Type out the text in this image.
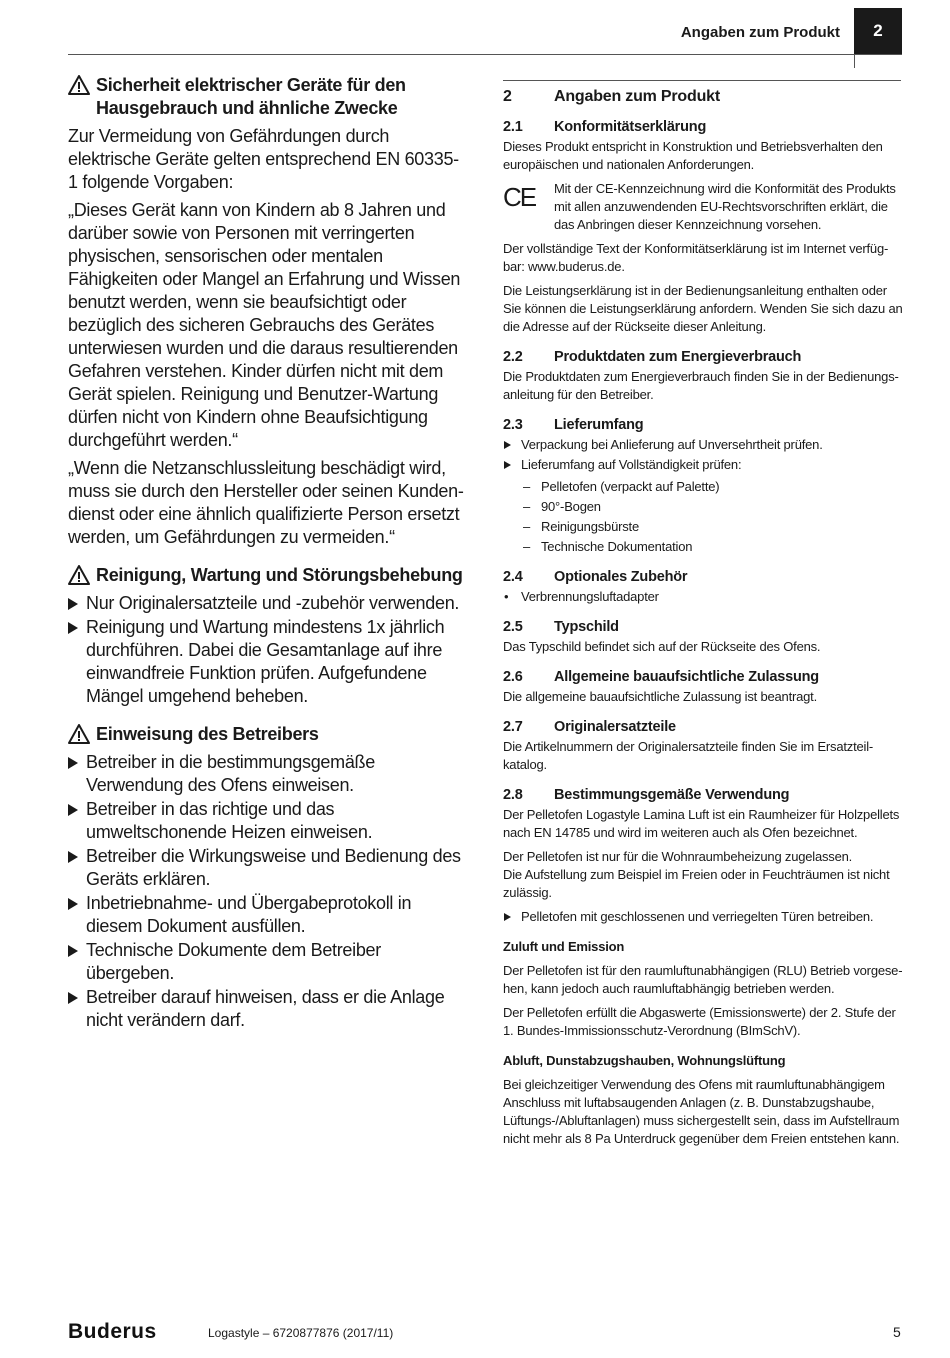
Angaben zum Produkt	2
Sicherheit elektrischer Geräte für den Hausgebrauch und ähnliche Zwecke

Zur Vermeidung von Gefährdungen durch elektrische Geräte gelten entsprechend EN 60335-1 folgende Vorgaben:

„Dieses Gerät kann von Kindern ab 8 Jahren und darüber sowie von Personen mit verringerten physischen, sensorischen oder mentalen Fähigkeiten oder Mangel an Erfahrung und Wissen benutzt werden, wenn sie beaufsichtigt oder bezüglich des sicheren Gebrauchs des Gerätes unterwiesen wurden und die daraus resultierenden Gefahren verstehen. Kinder dürfen nicht mit dem Gerät spielen. Reinigung und Benutzer-Wartung dürfen nicht von Kindern ohne Beaufsichtigung durchgeführt werden.“

„Wenn die Netzanschlussleitung beschädigt wird, muss sie durch den Hersteller oder seinen Kundendienst oder eine ähnlich qualifizierte Person ersetzt werden, um Gefährdungen zu vermeiden.“

Reinigung, Wartung und Störungsbehebung
Nur Originalersatzteile und -zubehör verwenden.
Reinigung und Wartung mindestens 1x jährlich durchführen. Dabei die Gesamtanlage auf ihre einwandfreie Funktion prüfen. Aufgefundene Mängel umgehend beheben.
Einweisung des Betreibers
Betreiber in die bestimmungsgemäße Verwendung des Ofens einweisen.
Betreiber in das richtige und das umweltschonende Heizen einweisen.
Betreiber die Wirkungsweise und Bedienung des Geräts erklären.
Inbetriebnahme- und Übergabeprotokoll in diesem Dokument ausfüllen.
Technische Dokumente dem Betreiber übergeben.
Betreiber darauf hinweisen, dass er die Anlage nicht verändern darf.
2	Angaben zum Produkt
2.1	Konformitätserklärung

Dieses Produkt entspricht in Konstruktion und Betriebsverhalten den europäischen und nationalen Anforderungen.

CE	Mit der CE-Kennzeichnung wird die Konformität des Produkts mit allen anzuwendenden EU-Rechtsvorschriften erklärt, die das Anbringen dieser Kennzeichnung vorsehen.

Der vollständige Text der Konformitätserklärung ist im Internet verfügbar: www.buderus.de.

Die Leistungserklärung ist in der Bedienungsanleitung enthalten oder Sie können die Leistungserklärung anfordern. Wenden Sie sich dazu an die Adresse auf der Rückseite dieser Anleitung.

2.2	Produktdaten zum Energieverbrauch

Die Produktdaten zum Energieverbrauch finden Sie in der Bedienungsanleitung für den Betreiber.

2.3	Lieferumfang
Verpackung bei Anlieferung auf Unversehrtheit prüfen.
Lieferumfang auf Vollständigkeit prüfen:
– Pelletofen (verpackt auf Palette)
– 90°-Bogen
– Reinigungsbürste
– Technische Dokumentation
2.4	Optionales Zubehör
• Verbrennungsluftadapter
2.5	Typschild

Das Typschild befindet sich auf der Rückseite des Ofens.

2.6	Allgemeine bauaufsichtliche Zulassung

Die allgemeine bauaufsichtliche Zulassung ist beantragt.

2.7	Originalersatzteile

Die Artikelnummern der Originalersatzteile finden Sie im Ersatzteilkatalog.

2.8	Bestimmungsgemäße Verwendung

Der Pelletofen Logastyle Lamina Luft ist ein Raumheizer für Holzpellets nach EN 14785 und wird im weiteren auch als Ofen bezeichnet.

Der Pelletofen ist nur für die Wohnraumbeheizung zugelassen.
Die Aufstellung zum Beispiel im Freien oder in Feuchträumen ist nicht zulässig.

Pelletofen mit geschlossenen und verriegelten Türen betreiben.
Zuluft und Emission

Der Pelletofen ist für den raumluftunabhängigen (RLU) Betrieb vorgesehen, kann jedoch auch raumluftabhängig betrieben werden.

Der Pelletofen erfüllt die Abgaswerte (Emissionswerte) der 2. Stufe der 1. Bundes-Immissionsschutz-Verordnung (BImSchV).

Abluft, Dunstabzugshauben, Wohnungslüftung

Bei gleichzeitiger Verwendung des Ofens mit raumluftunabhängigem Anschluss mit luftabsaugenden Anlagen (z. B. Dunstabzugshaube, Lüftungs-/Abluftanlagen) muss sichergestellt sein, dass im Aufstellraum nicht mehr als 8 Pa Unterdruck gegenüber dem Freien entstehen kann.

Buderus	Logastyle – 6720877876 (2017/11)	5
